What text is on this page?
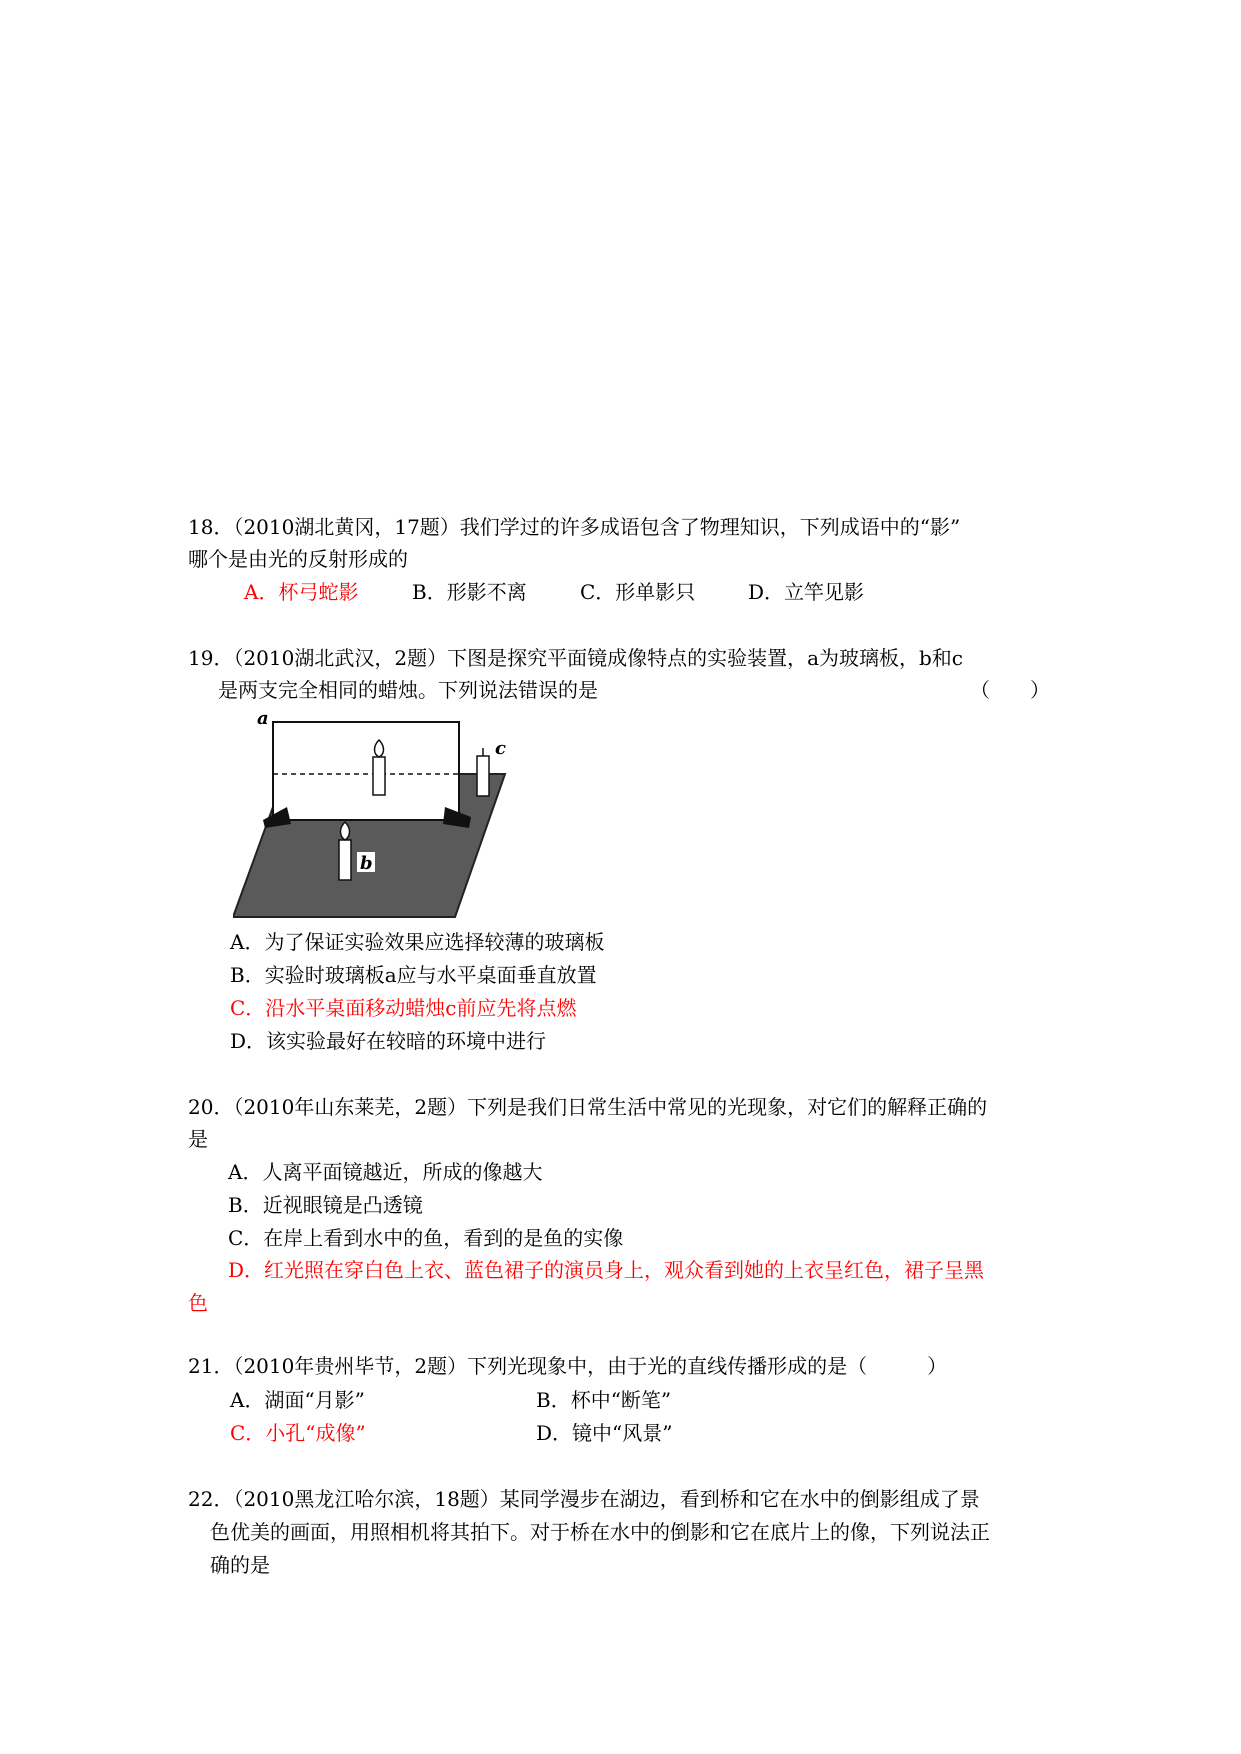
18．（2010湖北黄冈，17题）我们学过的许多成语包含了物理知识，下列成语中的“影”
哪个是由光的反射形成的
A．杯弓蛇影	B．形影不离	C．形单影只	D．立竿见影
19．（2010湖北武汉，2题）下图是探究平面镜成像特点的实验装置，a为玻璃板，b和c
是两支完全相同的蜡烛。下列说法错误的是	（　　）
c
a
b
A．为了保证实验效果应选择较薄的玻璃板
B．实验时玻璃板a应与水平桌面垂直放置
C．沿水平桌面移动蜡烛c前应先将点燃
D．该实验最好在较暗的环境中进行
20．（2010年山东莱芜，2题）下列是我们日常生活中常见的光现象，对它们的解释正确的
是
A．人离平面镜越近，所成的像越大
B．近视眼镜是凸透镜
C．在岸上看到水中的鱼，看到的是鱼的实像
D．红光照在穿白色上衣、蓝色裙子的演员身上，观众看到她的上衣呈红色，裙子呈黑
色
21．（2010年贵州毕节，2题）下列光现象中，由于光的直线传播形成的是（　　　）
A．湖面“月影”	B．杯中“断笔”
C．小孔“成像”	D．镜中“风景”
22．（2010黑龙江哈尔滨，18题）某同学漫步在湖边，看到桥和它在水中的倒影组成了景
色优美的画面，用照相机将其拍下。对于桥在水中的倒影和它在底片上的像，下列说法正
确的是
